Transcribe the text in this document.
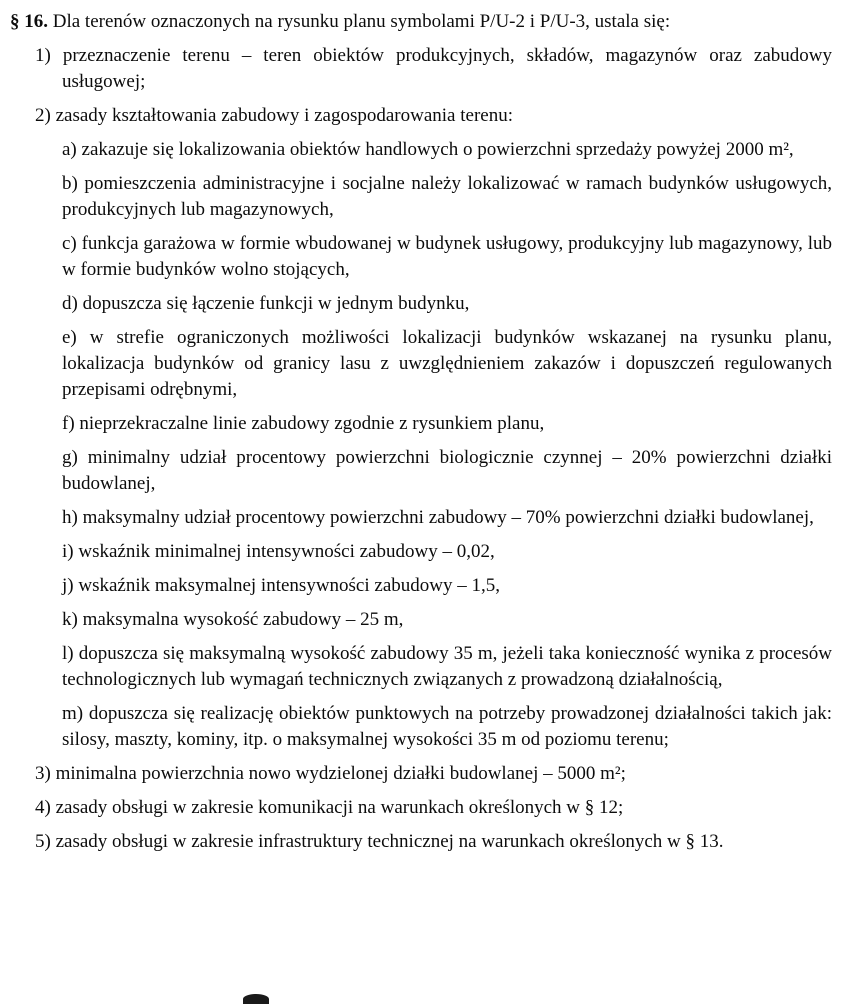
§ 16. Dla terenów oznaczonych na rysunku planu symbolami P/U-2 i P/U-3, ustala się:

1) przeznaczenie terenu – teren obiektów produkcyjnych, składów, magazynów oraz zabudowy usługowej;

2) zasady kształtowania zabudowy i zagospodarowania terenu:

a) zakazuje się lokalizowania obiektów handlowych o powierzchni sprzedaży powyżej 2000 m²,

b) pomieszczenia administracyjne i socjalne należy lokalizować w ramach budynków usługowych, produkcyjnych lub magazynowych,

c) funkcja garażowa w formie wbudowanej w budynek usługowy, produkcyjny lub magazynowy, lub w formie budynków wolno stojących,

d) dopuszcza się łączenie funkcji w jednym budynku,

e) w strefie ograniczonych możliwości lokalizacji budynków wskazanej na rysunku planu, lokalizacja budynków od granicy lasu z uwzględnieniem zakazów i dopuszczeń regulowanych przepisami odrębnymi,

f) nieprzekraczalne linie zabudowy zgodnie z rysunkiem planu,

g) minimalny udział procentowy powierzchni biologicznie czynnej – 20% powierzchni działki budowlanej,

h) maksymalny udział procentowy powierzchni zabudowy – 70% powierzchni działki budowlanej,

i) wskaźnik minimalnej intensywności zabudowy – 0,02,

j) wskaźnik maksymalnej intensywności zabudowy – 1,5,

k) maksymalna wysokość zabudowy – 25 m,

l) dopuszcza się maksymalną wysokość zabudowy 35 m, jeżeli taka konieczność wynika z procesów technologicznych lub wymagań technicznych związanych z prowadzoną działalnością,

m) dopuszcza się realizację obiektów punktowych na potrzeby prowadzonej działalności takich jak: silosy, maszty, kominy, itp. o maksymalnej wysokości 35 m od poziomu terenu;

3) minimalna powierzchnia nowo wydzielonej działki budowlanej – 5000 m²;

4) zasady obsługi w zakresie komunikacji na warunkach określonych w § 12;

5) zasady obsługi w zakresie infrastruktury technicznej na warunkach określonych w § 13.
